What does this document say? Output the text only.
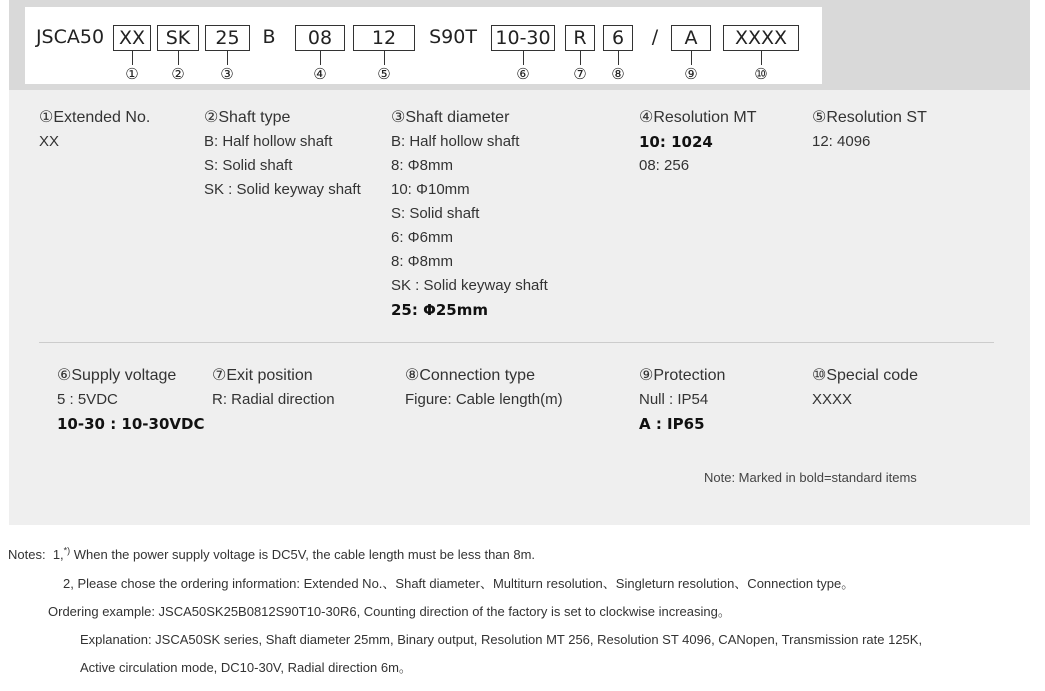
JSCA50 XX	SK	25	B	08	12	S90T 10-30	R	6	/	A	XXXX
① ② ③	④	⑤	⑥	⑦ ⑧	⑨	⑩
①Extended No.
XX
②Shaft type
B: Half hollow shaft
S: Solid shaft
SK : Solid keyway shaft
③Shaft diameter
B: Half hollow shaft
8: Φ8mm
10: Φ10mm
S: Solid shaft
6: Φ6mm
8: Φ8mm
SK : Solid keyway shaft
25: Φ25mm
④Resolution MT
10: 1024
08: 256
⑤Resolution ST
12: 4096
⑥Supply voltage
5 : 5VDC
10-30 : 10-30VDC
⑦Exit position
R: Radial direction
⑧Connection type
Figure: Cable length(m)
⑨Protection
Null : IP54
A : IP65
⑩Special code
XXXX
Note: Marked in bold=standard items
Notes: 1,*) When the power supply voltage is DC5V, the cable length must be less than 8m.
2, Please chose the ordering information: Extended No.、Shaft diameter、Multiturn resolution、Singleturn resolution、Connection type。
Ordering example: JSCA50SK25B0812S90T10-30R6, Counting direction of the factory is set to clockwise increasing。
Explanation: JSCA50SK series, Shaft diameter 25mm, Binary output, Resolution MT 256, Resolution ST 4096, CANopen, Transmission rate 125K,
Active circulation mode, DC10-30V, Radial direction 6m。
